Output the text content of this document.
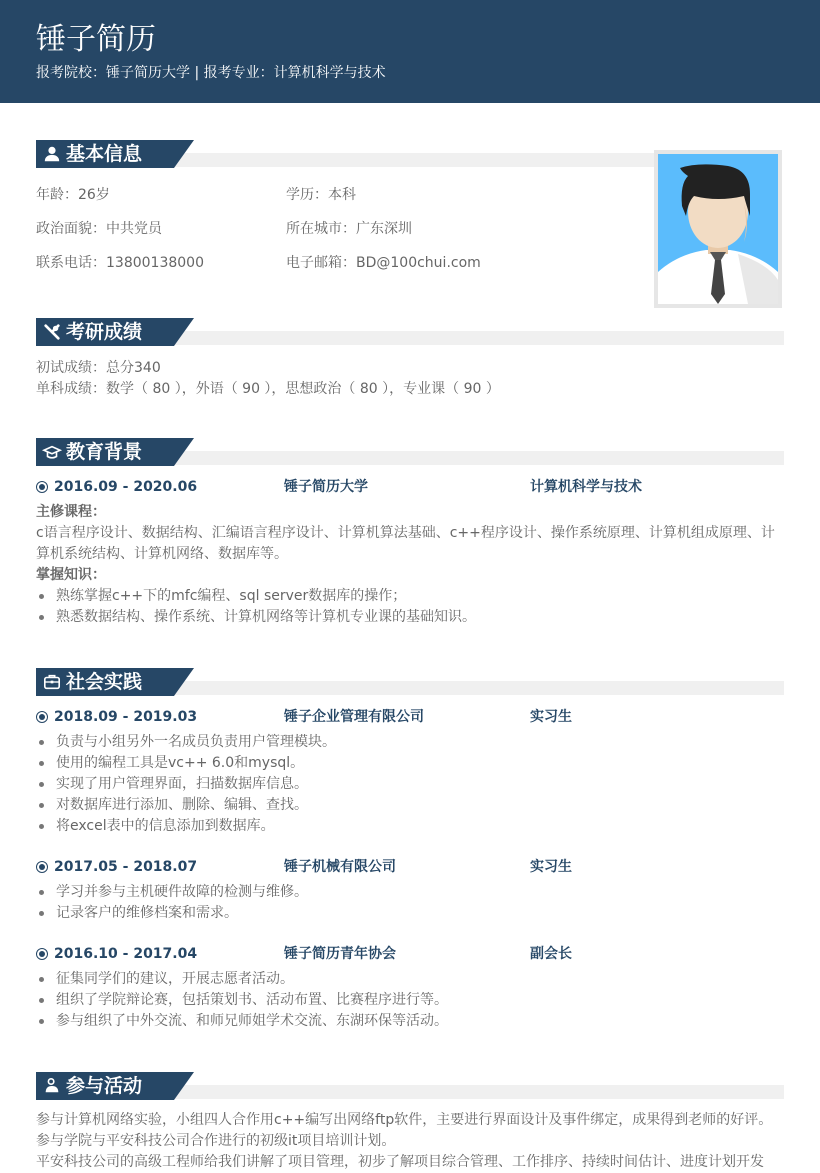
锤子简历
报考院校：锤子简历大学 | 报考专业：计算机科学与技术
基本信息
年龄：26岁	学历：本科
政治面貌：中共党员	所在城市：广东深圳
联系电话：13800138000	电子邮箱：BD@100chui.com
考研成绩
初试成绩：总分340
单科成绩：数学（ 80 ），外语（ 90 ），思想政治（ 80 ），专业课（ 90 ）
教育背景
2016.09 - 2020.06	锤子简历大学	计算机科学与技术
主修课程：
c语言程序设计、数据结构、汇编语言程序设计、计算机算法基础、c++程序设计、操作系统原理、计算机组成原理、计算机系统结构、计算机网络、数据库等。
掌握知识：
熟练掌握c++下的mfc编程、sql server数据库的操作；
熟悉数据结构、操作系统、计算机网络等计算机专业课的基础知识。
社会实践
2018.09 - 2019.03	锤子企业管理有限公司	实习生
负责与小组另外一名成员负责用户管理模块。
使用的编程工具是vc++ 6.0和mysql。
实现了用户管理界面，扫描数据库信息。
对数据库进行添加、删除、编辑、查找。
将excel表中的信息添加到数据库。
2017.05 - 2018.07	锤子机械有限公司	实习生
学习并参与主机硬件故障的检测与维修。
记录客户的维修档案和需求。
2016.10 - 2017.04	锤子简历青年协会	副会长
征集同学们的建议，开展志愿者活动。
组织了学院辩论赛，包括策划书、活动布置、比赛程序进行等。
参与组织了中外交流、和师兄师姐学术交流、东湖环保等活动。
参与活动
参与计算机网络实验，小组四人合作用c++编写出网络ftp软件，主要进行界面设计及事件绑定，成果得到老师的好评。
参与学院与平安科技公司合作进行的初级it项目培训计划。
平安科技公司的高级工程师给我们讲解了项目管理，初步了解项目综合管理、工作排序、持续时间估计、进度计划开发
